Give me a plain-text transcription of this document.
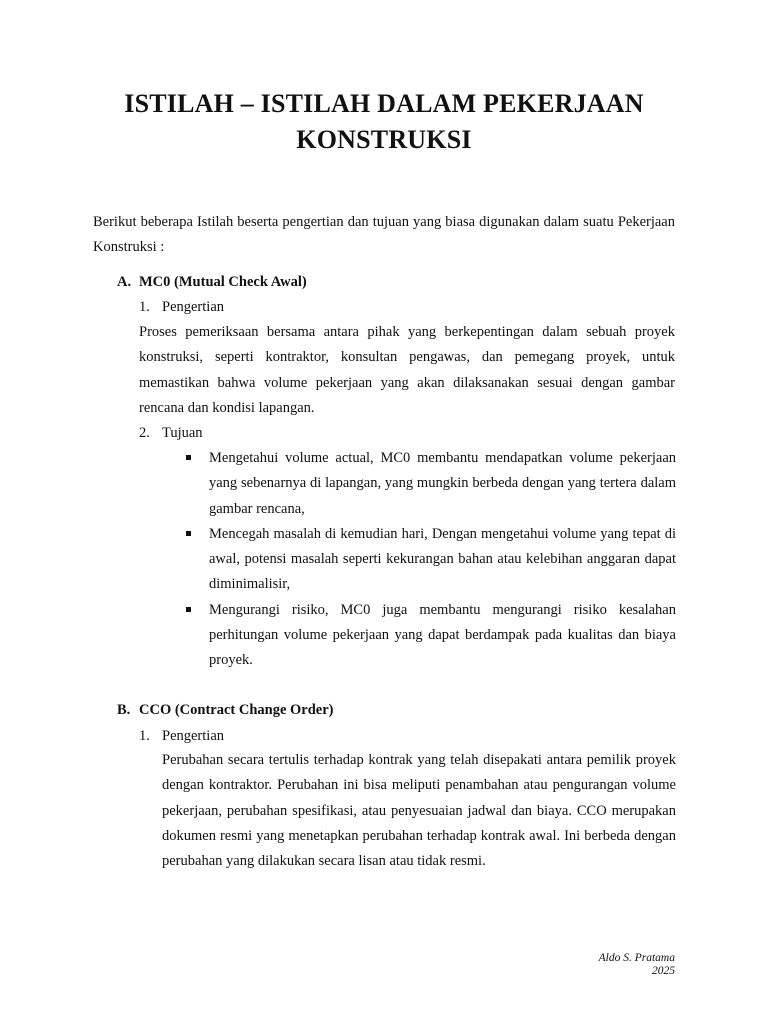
ISTILAH – ISTILAH DALAM PEKERJAAN
KONSTRUKSI
Berikut beberapa Istilah beserta pengertian dan tujuan yang biasa digunakan dalam suatu Pekerjaan Konstruksi :
A. MC0 (Mutual Check Awal)
1. Pengertian
Proses pemeriksaan bersama antara pihak yang berkepentingan dalam sebuah proyek konstruksi, seperti kontraktor, konsultan pengawas, dan pemegang proyek, untuk memastikan bahwa volume pekerjaan yang akan dilaksanakan sesuai dengan gambar rencana dan kondisi lapangan.
2. Tujuan
Mengetahui volume actual, MC0 membantu mendapatkan volume pekerjaan yang sebenarnya di lapangan, yang mungkin berbeda dengan yang tertera dalam gambar rencana,
Mencegah masalah di kemudian hari, Dengan mengetahui volume yang tepat di awal, potensi masalah seperti kekurangan bahan atau kelebihan anggaran dapat diminimalisir,
Mengurangi risiko, MC0 juga membantu mengurangi risiko kesalahan perhitungan volume pekerjaan yang dapat berdampak pada kualitas dan biaya proyek.
B. CCO (Contract Change Order)
1. Pengertian
Perubahan secara tertulis terhadap kontrak yang telah disepakati antara pemilik proyek dengan kontraktor. Perubahan ini bisa meliputi penambahan atau pengurangan volume pekerjaan, perubahan spesifikasi, atau penyesuaian jadwal dan biaya. CCO merupakan dokumen resmi yang menetapkan perubahan terhadap kontrak awal. Ini berbeda dengan perubahan yang dilakukan secara lisan atau tidak resmi.
Aldo S. Pratama
2025
